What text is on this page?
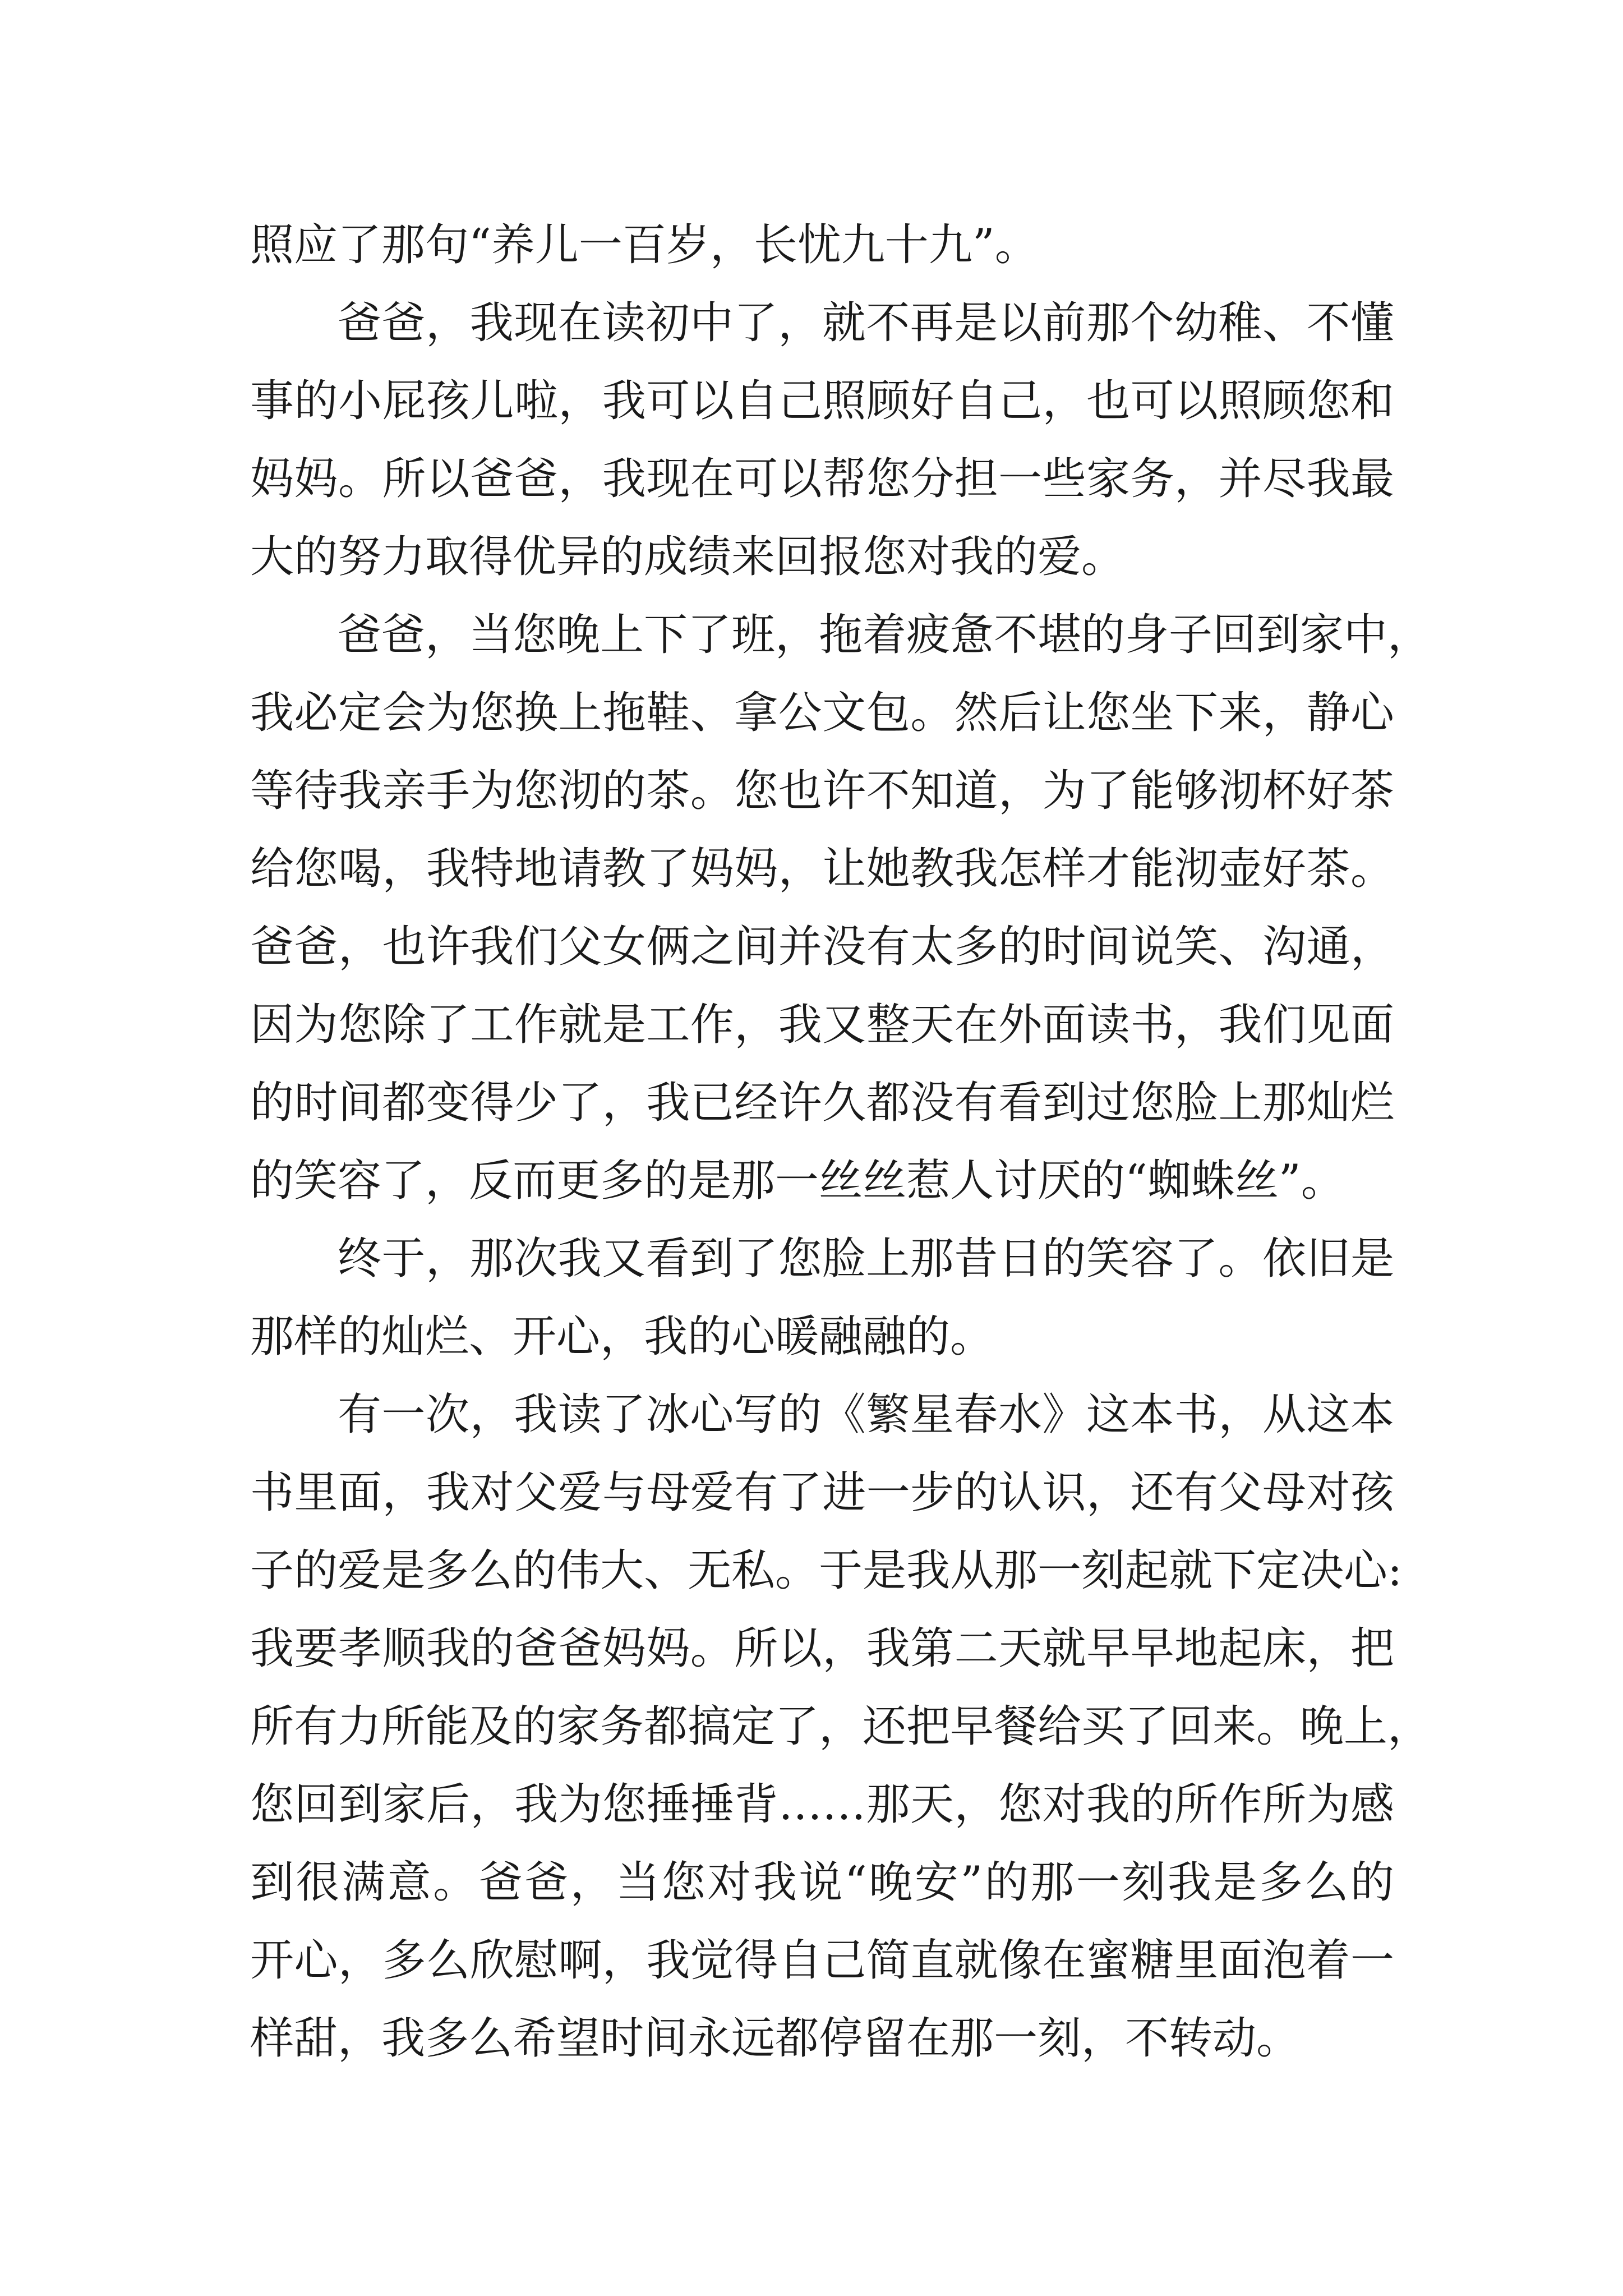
照应了那句“养儿一百岁，长忧九十九”。
爸爸，我现在读初中了，就不再是以前那个幼稚、不懂
事的小屁孩儿啦，我可以自己照顾好自己，也可以照顾您和
妈妈。所以爸爸，我现在可以帮您分担一些家务，并尽我最
大的努力取得优异的成绩来回报您对我的爱。
爸爸，当您晚上下了班，拖着疲惫不堪的身子回到家中，
我必定会为您换上拖鞋、拿公文包。然后让您坐下来，静心
等待我亲手为您沏的茶。您也许不知道，为了能够沏杯好茶
给您喝，我特地请教了妈妈，让她教我怎样才能沏壶好茶。
爸爸，也许我们父女俩之间并没有太多的时间说笑、沟通，
因为您除了工作就是工作，我又整天在外面读书，我们见面
的时间都变得少了，我已经许久都没有看到过您脸上那灿烂
的笑容了，反而更多的是那一丝丝惹人讨厌的“蜘蛛丝”。
终于，那次我又看到了您脸上那昔日的笑容了。依旧是
那样的灿烂、开心，我的心暖融融的。
有一次，我读了冰心写的《繁星春水》这本书，从这本
书里面，我对父爱与母爱有了进一步的认识，还有父母对孩
子的爱是多么的伟大、无私。于是我从那一刻起就下定决心:
我要孝顺我的爸爸妈妈。所以，我第二天就早早地起床，把
所有力所能及的家务都搞定了，还把早餐给买了回来。晚上，
您回到家后，我为您捶捶背……那天，您对我的所作所为感
到很满意。爸爸，当您对我说“晚安”的那一刻我是多么的
开心，多么欣慰啊，我觉得自己简直就像在蜜糖里面泡着一
样甜，我多么希望时间永远都停留在那一刻，不转动。
